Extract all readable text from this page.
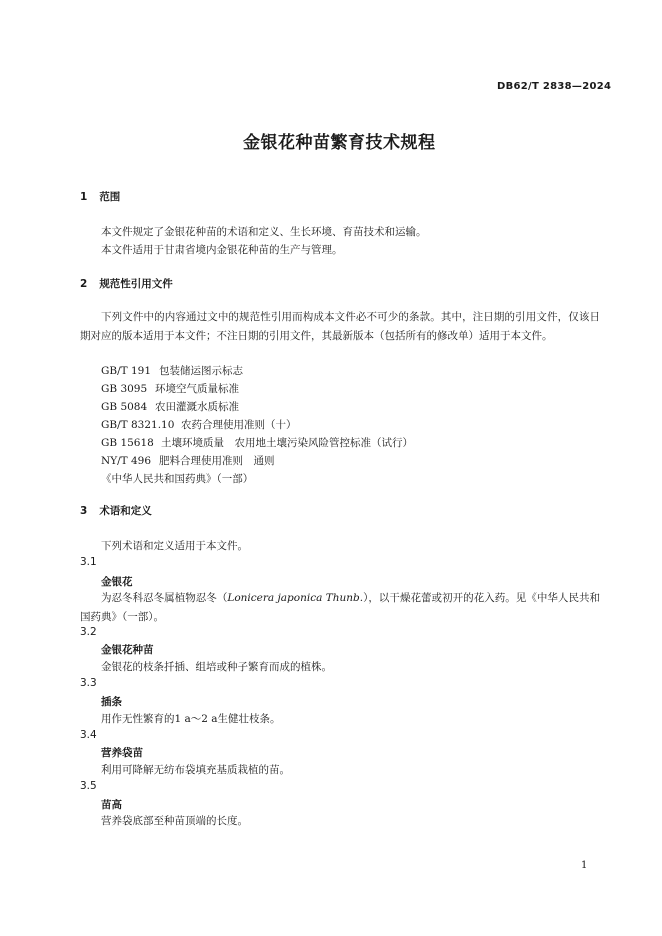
DB62/T 2838—2024
金银花种苗繁育技术规程
1 范围
本文件规定了金银花种苗的术语和定义、生长环境、育苗技术和运输。
本文件适用于甘肃省境内金银花种苗的生产与管理。
2 规范性引用文件
下列文件中的内容通过文中的规范性引用而构成本文件必不可少的条款。其中，注日期的引用文件，仅该日期对应的版本适用于本文件；不注日期的引用文件，其最新版本（包括所有的修改单）适用于本文件。
GB/T 191 包装储运图示标志
GB 3095 环境空气质量标准
GB 5084 农田灌溉水质标准
GB/T 8321.10 农药合理使用准则（十）
GB 15618 土壤环境质量　农用地土壤污染风险管控标准（试行）
NY/T 496 肥料合理使用准则　通则
《中华人民共和国药典》（一部）
3 术语和定义
下列术语和定义适用于本文件。
3.1
金银花
为忍冬科忍冬属植物忍冬（Lonicera japonica Thunb.），以干燥花蕾或初开的花入药。见《中华人民共和国药典》（一部）。
3.2
金银花种苗
金银花的枝条扦插、组培或种子繁育而成的植株。
3.3
插条
用作无性繁育的1 a～2 a生健壮枝条。
3.4
营养袋苗
利用可降解无纺布袋填充基质栽植的苗。
3.5
苗高
营养袋底部至种苗顶端的长度。
1
